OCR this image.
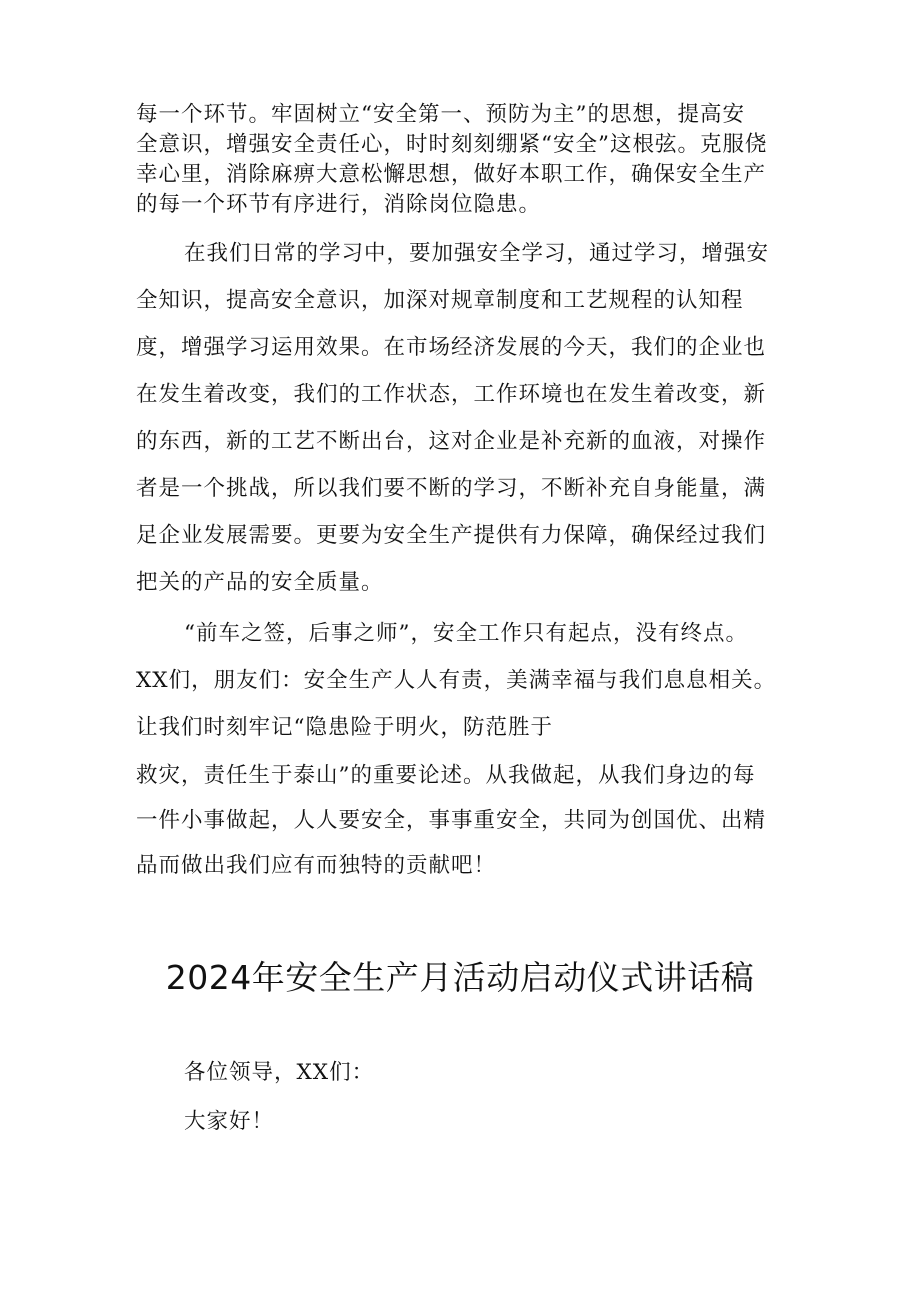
每一个环节。牢固树立“安全第一、预防为主”的思想，提高安
全意识，增强安全责任心，时时刻刻绷紧“安全”这根弦。克服侥
幸心里，消除麻痹大意松懈思想，做好本职工作，确保安全生产
的每一个环节有序进行，消除岗位隐患。
在我们日常的学习中，要加强安全学习，通过学习，增强安
全知识，提高安全意识，加深对规章制度和工艺规程的认知程
度，增强学习运用效果。在市场经济发展的今天，我们的企业也
在发生着改变，我们的工作状态，工作环境也在发生着改变，新
的东西，新的工艺不断出台，这对企业是补充新的血液，对操作
者是一个挑战，所以我们要不断的学习，不断补充自身能量，满
足企业发展需要。更要为安全生产提供有力保障，确保经过我们
把关的产品的安全质量。
“前车之签，后事之师”，安全工作只有起点，没有终点。
XX们，朋友们：安全生产人人有责，美满幸福与我们息息相关。
让我们时刻牢记“隐患险于明火，防范胜于
救灾，责任生于泰山”的重要论述。从我做起，从我们身边的每
一件小事做起，人人要安全，事事重安全，共同为创国优、出精
品而做出我们应有而独特的贡献吧！
2024年安全生产月活动启动仪式讲话稿

各位领导，XX们：

大家好！
